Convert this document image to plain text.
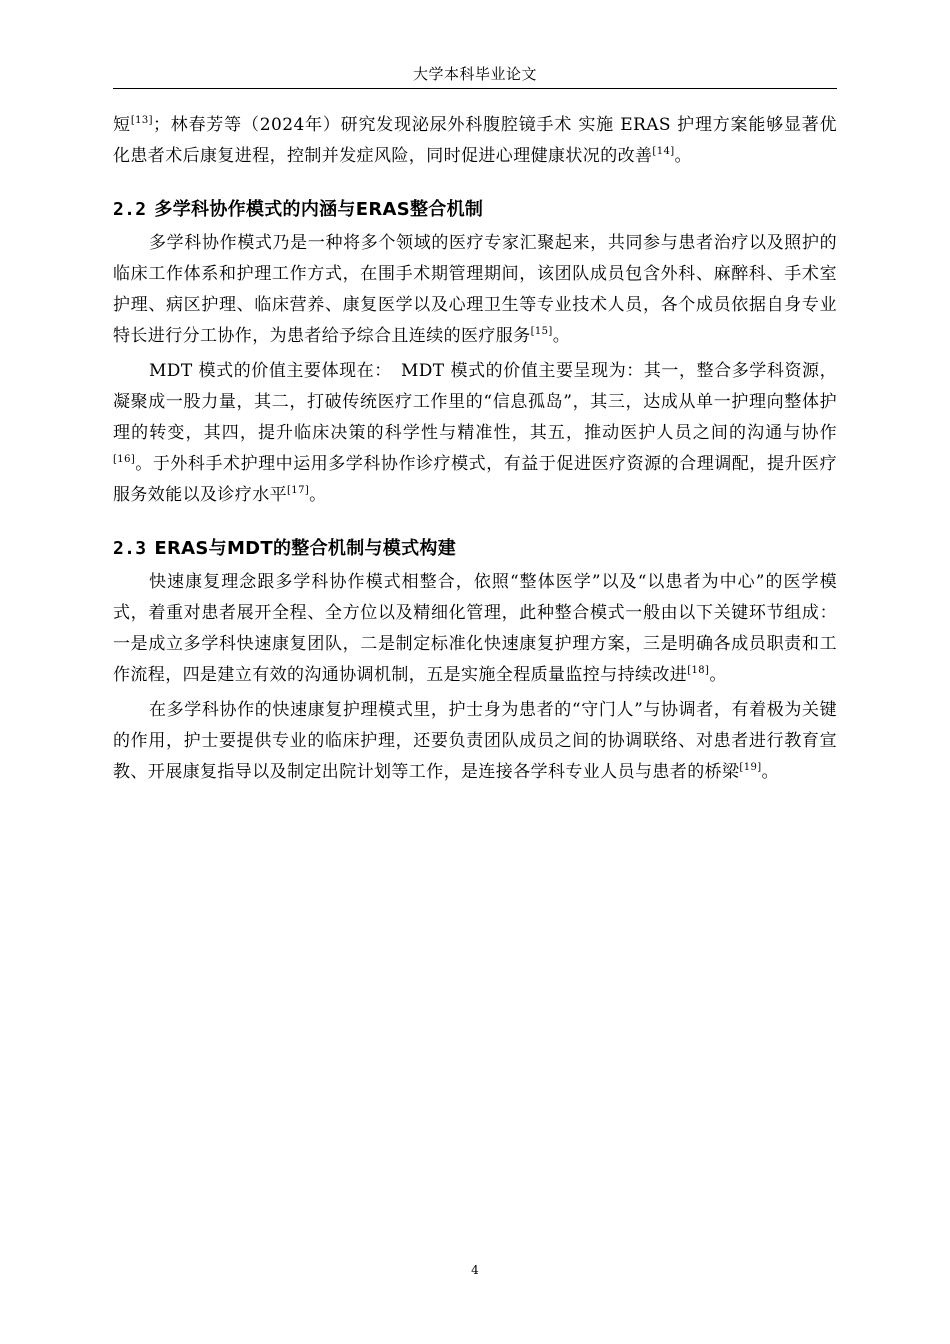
大学本科毕业论文

短[13]；林春芳等（2024年）研究发现泌尿外科腹腔镜手术 实施 ERAS 护理方案能够显著优化患者术后康复进程，控制并发症风险，同时促进心理健康状况的改善[14]。

2.2 多学科协作模式的内涵与ERAS整合机制

多学科协作模式乃是一种将多个领域的医疗专家汇聚起来，共同参与患者治疗以及照护的临床工作体系和护理工作方式，在围手术期管理期间，该团队成员包含外科、麻醉科、手术室护理、病区护理、临床营养、康复医学以及心理卫生等专业技术人员，各个成员依据自身专业特长进行分工协作，为患者给予综合且连续的医疗服务[15]。

MDT 模式的价值主要体现在：　MDT 模式的价值主要呈现为：其一，整合多学科资源，凝聚成一股力量，其二，打破传统医疗工作里的“信息孤岛”，其三，达成从单一护理向整体护理的转变，其四，提升临床决策的科学性与精准性，其五，推动医护人员之间的沟通与协作[16]。于外科手术护理中运用多学科协作诊疗模式，有益于促进医疗资源的合理调配，提升医疗服务效能以及诊疗水平[17]。

2.3 ERAS与MDT的整合机制与模式构建

快速康复理念跟多学科协作模式相整合，依照“整体医学”以及“以患者为中心”的医学模式，着重对患者展开全程、全方位以及精细化管理，此种整合模式一般由以下关键环节组成：一是成立多学科快速康复团队，二是制定标准化快速康复护理方案，三是明确各成员职责和工作流程，四是建立有效的沟通协调机制，五是实施全程质量监控与持续改进[18]。

在多学科协作的快速康复护理模式里，护士身为患者的“守门人”与协调者，有着极为关键的作用，护士要提供专业的临床护理，还要负责团队成员之间的协调联络、对患者进行教育宣教、开展康复指导以及制定出院计划等工作，是连接各学科专业人员与患者的桥梁[19]。

4
